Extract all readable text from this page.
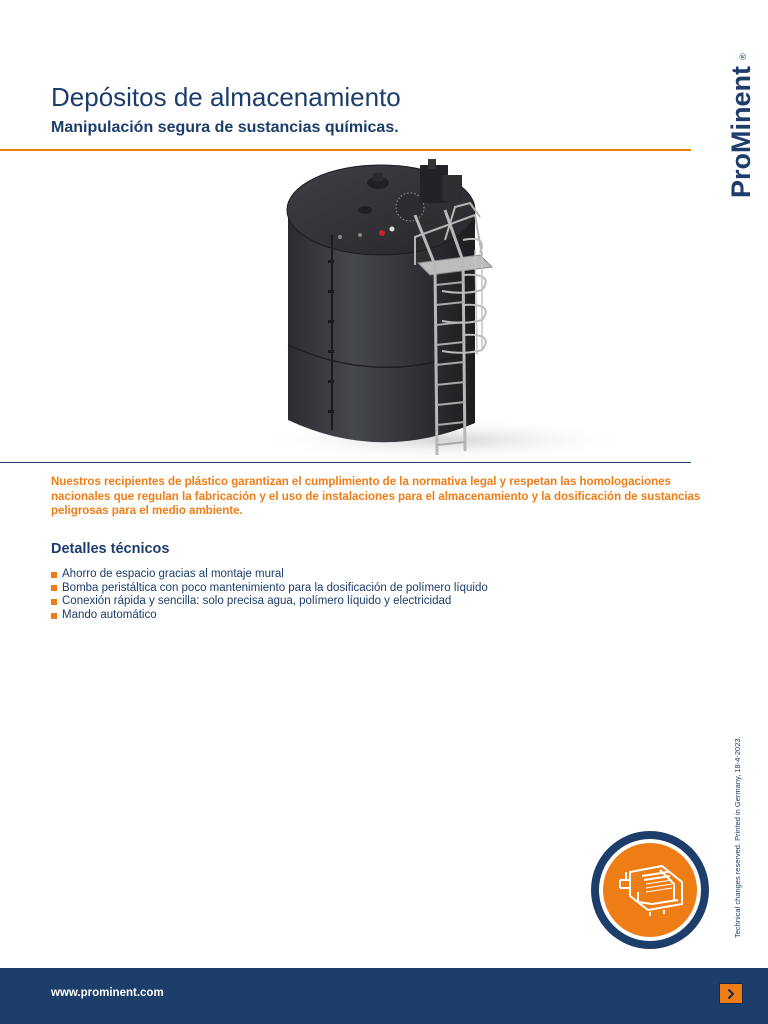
Depósitos de almacenamiento
Manipulación segura de sustancias químicas.	ProMinent
®

Nuestros recipientes de plástico garantizan el cumplimiento de la normativa legal y respetan las homologaciones nacionales que regulan la fabricación y el uso de instalaciones para el almacenamiento y la dosificación de sustancias peligrosas para el medio ambiente.

Detalles técnicos
Ahorro de espacio gracias al montaje mural
Bomba peristáltica con poco mantenimiento para la dosificación de polímero líquido
Conexión rápida y sencilla: solo precisa agua, polímero líquido y electricidad
Mando automático
Technical changes reserved. Printed in Germany, 18-4-2023.
www.prominent.com
